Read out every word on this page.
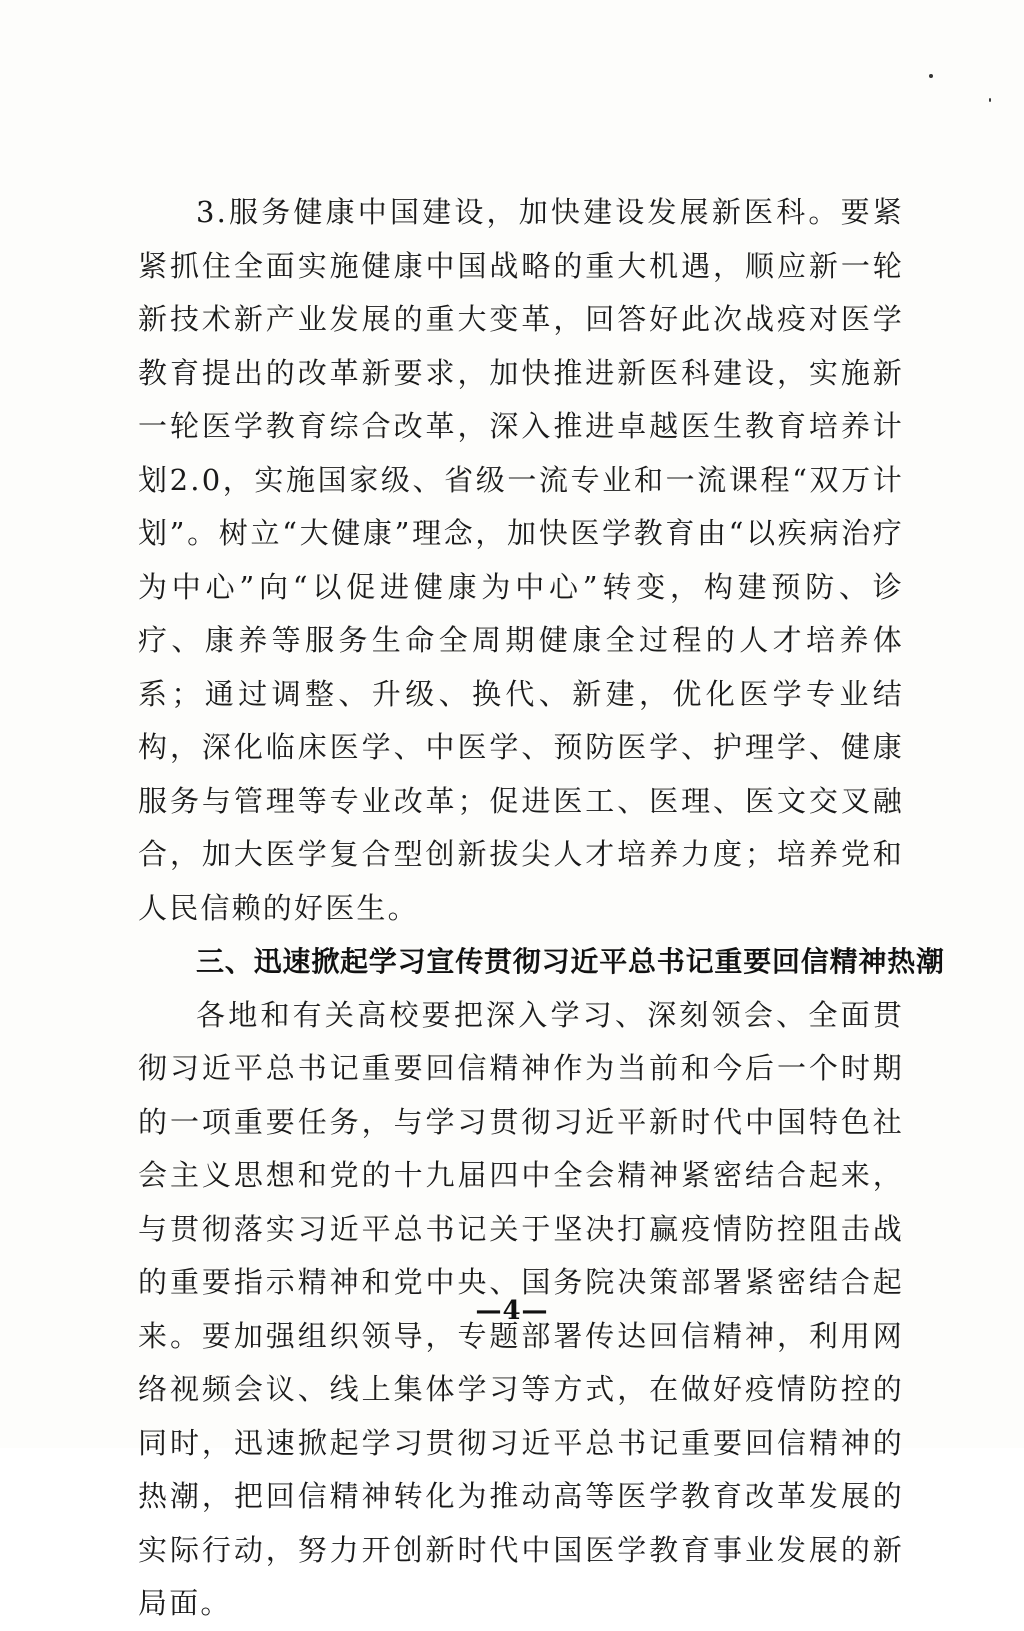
3.服务健康中国建设，加快建设发展新医科。要紧紧抓住全面实施健康中国战略的重大机遇，顺应新一轮新技术新产业发展的重大变革，回答好此次战疫对医学教育提出的改革新要求，加快推进新医科建设，实施新一轮医学教育综合改革，深入推进卓越医生教育培养计划2.0，实施国家级、省级一流专业和一流课程“双万计划”。树立“大健康”理念，加快医学教育由“以疾病治疗为中心”向“以促进健康为中心”转变，构建预防、诊疗、康养等服务生命全周期健康全过程的人才培养体系；通过调整、升级、换代、新建，优化医学专业结构，深化临床医学、中医学、预防医学、护理学、健康服务与管理等专业改革；促进医工、医理、医文交叉融合，加大医学复合型创新拔尖人才培养力度；培养党和人民信赖的好医生。

三、迅速掀起学习宣传贯彻习近平总书记重要回信精神热潮

各地和有关高校要把深入学习、深刻领会、全面贯彻习近平总书记重要回信精神作为当前和今后一个时期的一项重要任务，与学习贯彻习近平新时代中国特色社会主义思想和党的十九届四中全会精神紧密结合起来，与贯彻落实习近平总书记关于坚决打赢疫情防控阻击战的重要指示精神和党中央、国务院决策部署紧密结合起来。要加强组织领导，专题部署传达回信精神，利用网络视频会议、线上集体学习等方式，在做好疫情防控的同时，迅速掀起学习贯彻习近平总书记重要回信精神的热潮，把回信精神转化为推动高等医学教育改革发展的实际行动，努力开创新时代中国医学教育事业发展的新局面。

—4—
